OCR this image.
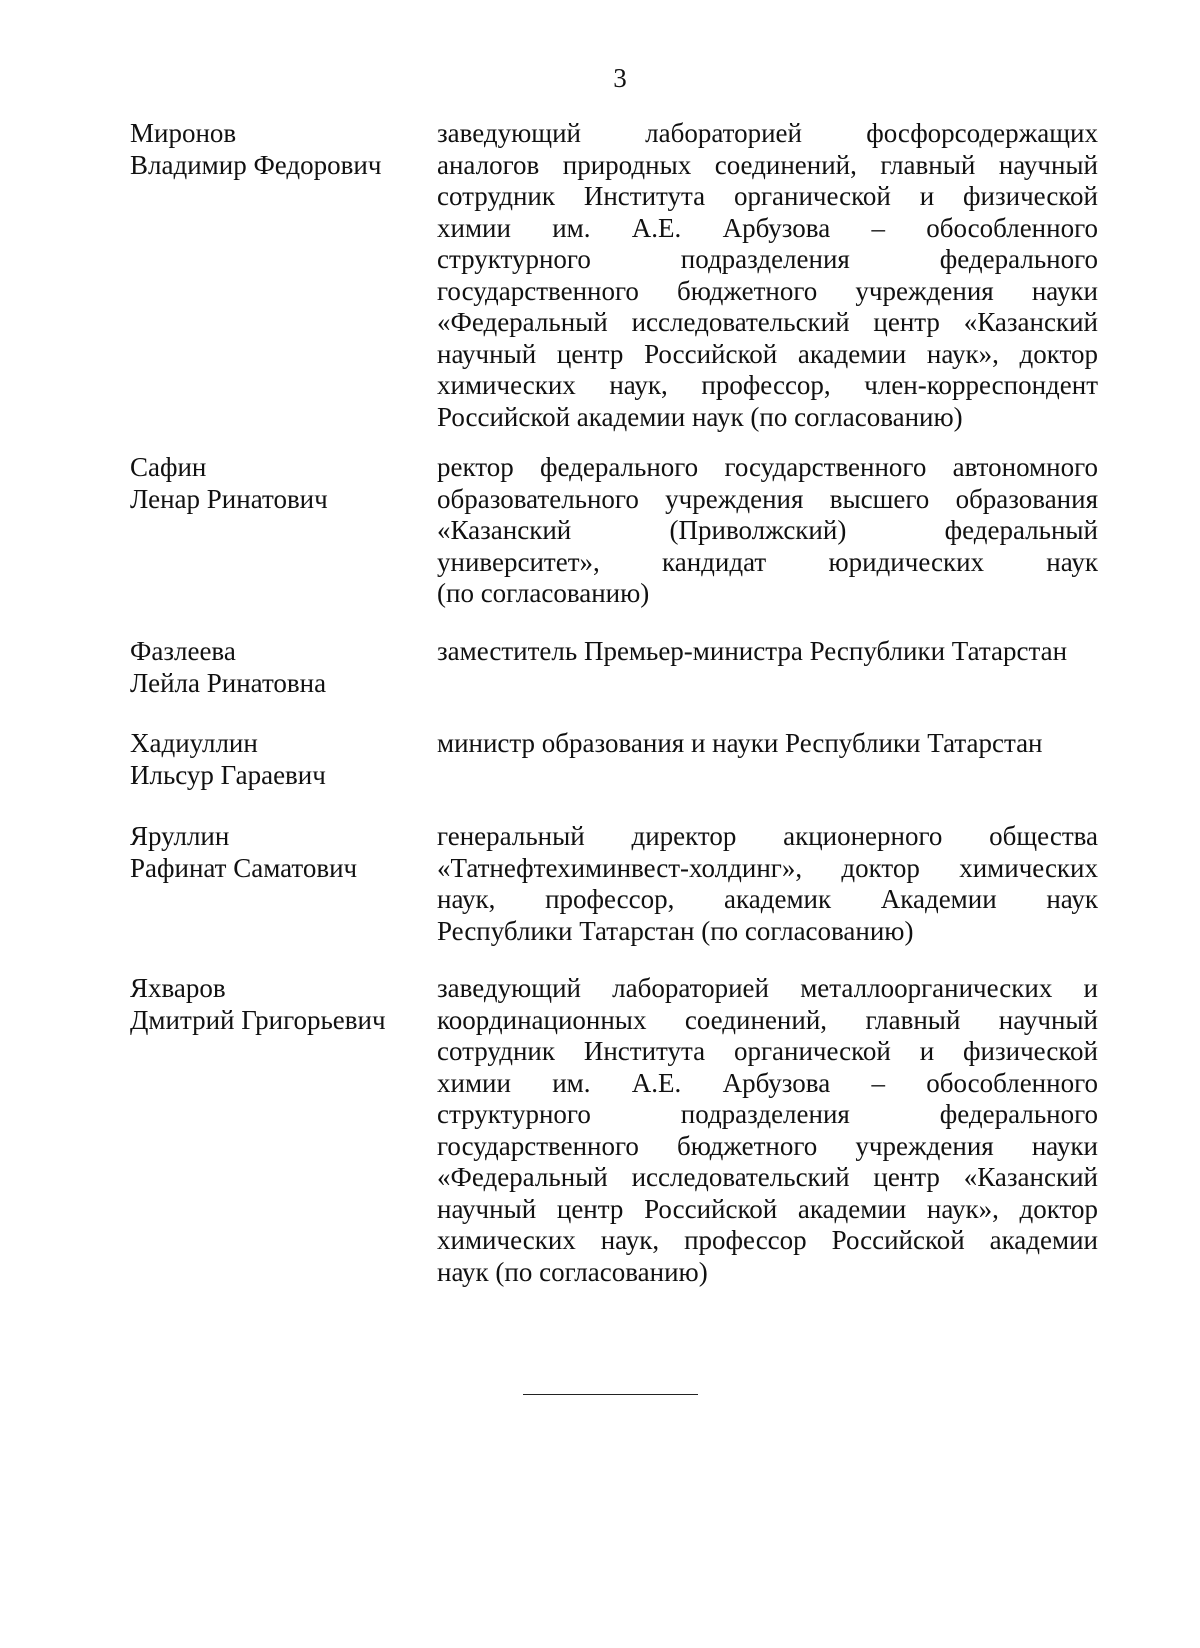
3
Миронов
Владимир Федорович
заведующий лабораторией фосфорсодержащих
аналогов природных соединений, главный научный
сотрудник Института органической и физической
химии им. А.Е. Арбузова – обособленного
структурного подразделения федерального
государственного бюджетного учреждения науки
«Федеральный исследовательский центр «Казанский
научный центр Российской академии наук», доктор
химических наук, профессор, член-корреспондент
Российской академии наук (по согласованию)
Сафин
Ленар Ринатович
ректор федерального государственного автономного
образовательного учреждения высшего образования
«Казанский (Приволжский) федеральный
университет», кандидат юридических наук
(по согласованию)
Фазлеева
Лейла Ринатовна
заместитель Премьер-министра Республики Татарстан
Хадиуллин
Ильсур Гараевич
министр образования и науки Республики Татарстан
Яруллин
Рафинат Саматович
генеральный директор акционерного общества
«Татнефтехиминвест-холдинг», доктор химических
наук, профессор, академик Академии наук
Республики Татарстан (по согласованию)
Яхваров
Дмитрий Григорьевич
заведующий лабораторией металлоорганических и
координационных соединений, главный научный
сотрудник Института органической и физической
химии им. А.Е. Арбузова – обособленного
структурного подразделения федерального
государственного бюджетного учреждения науки
«Федеральный исследовательский центр «Казанский
научный центр Российской академии наук», доктор
химических наук, профессор Российской академии
наук (по согласованию)
